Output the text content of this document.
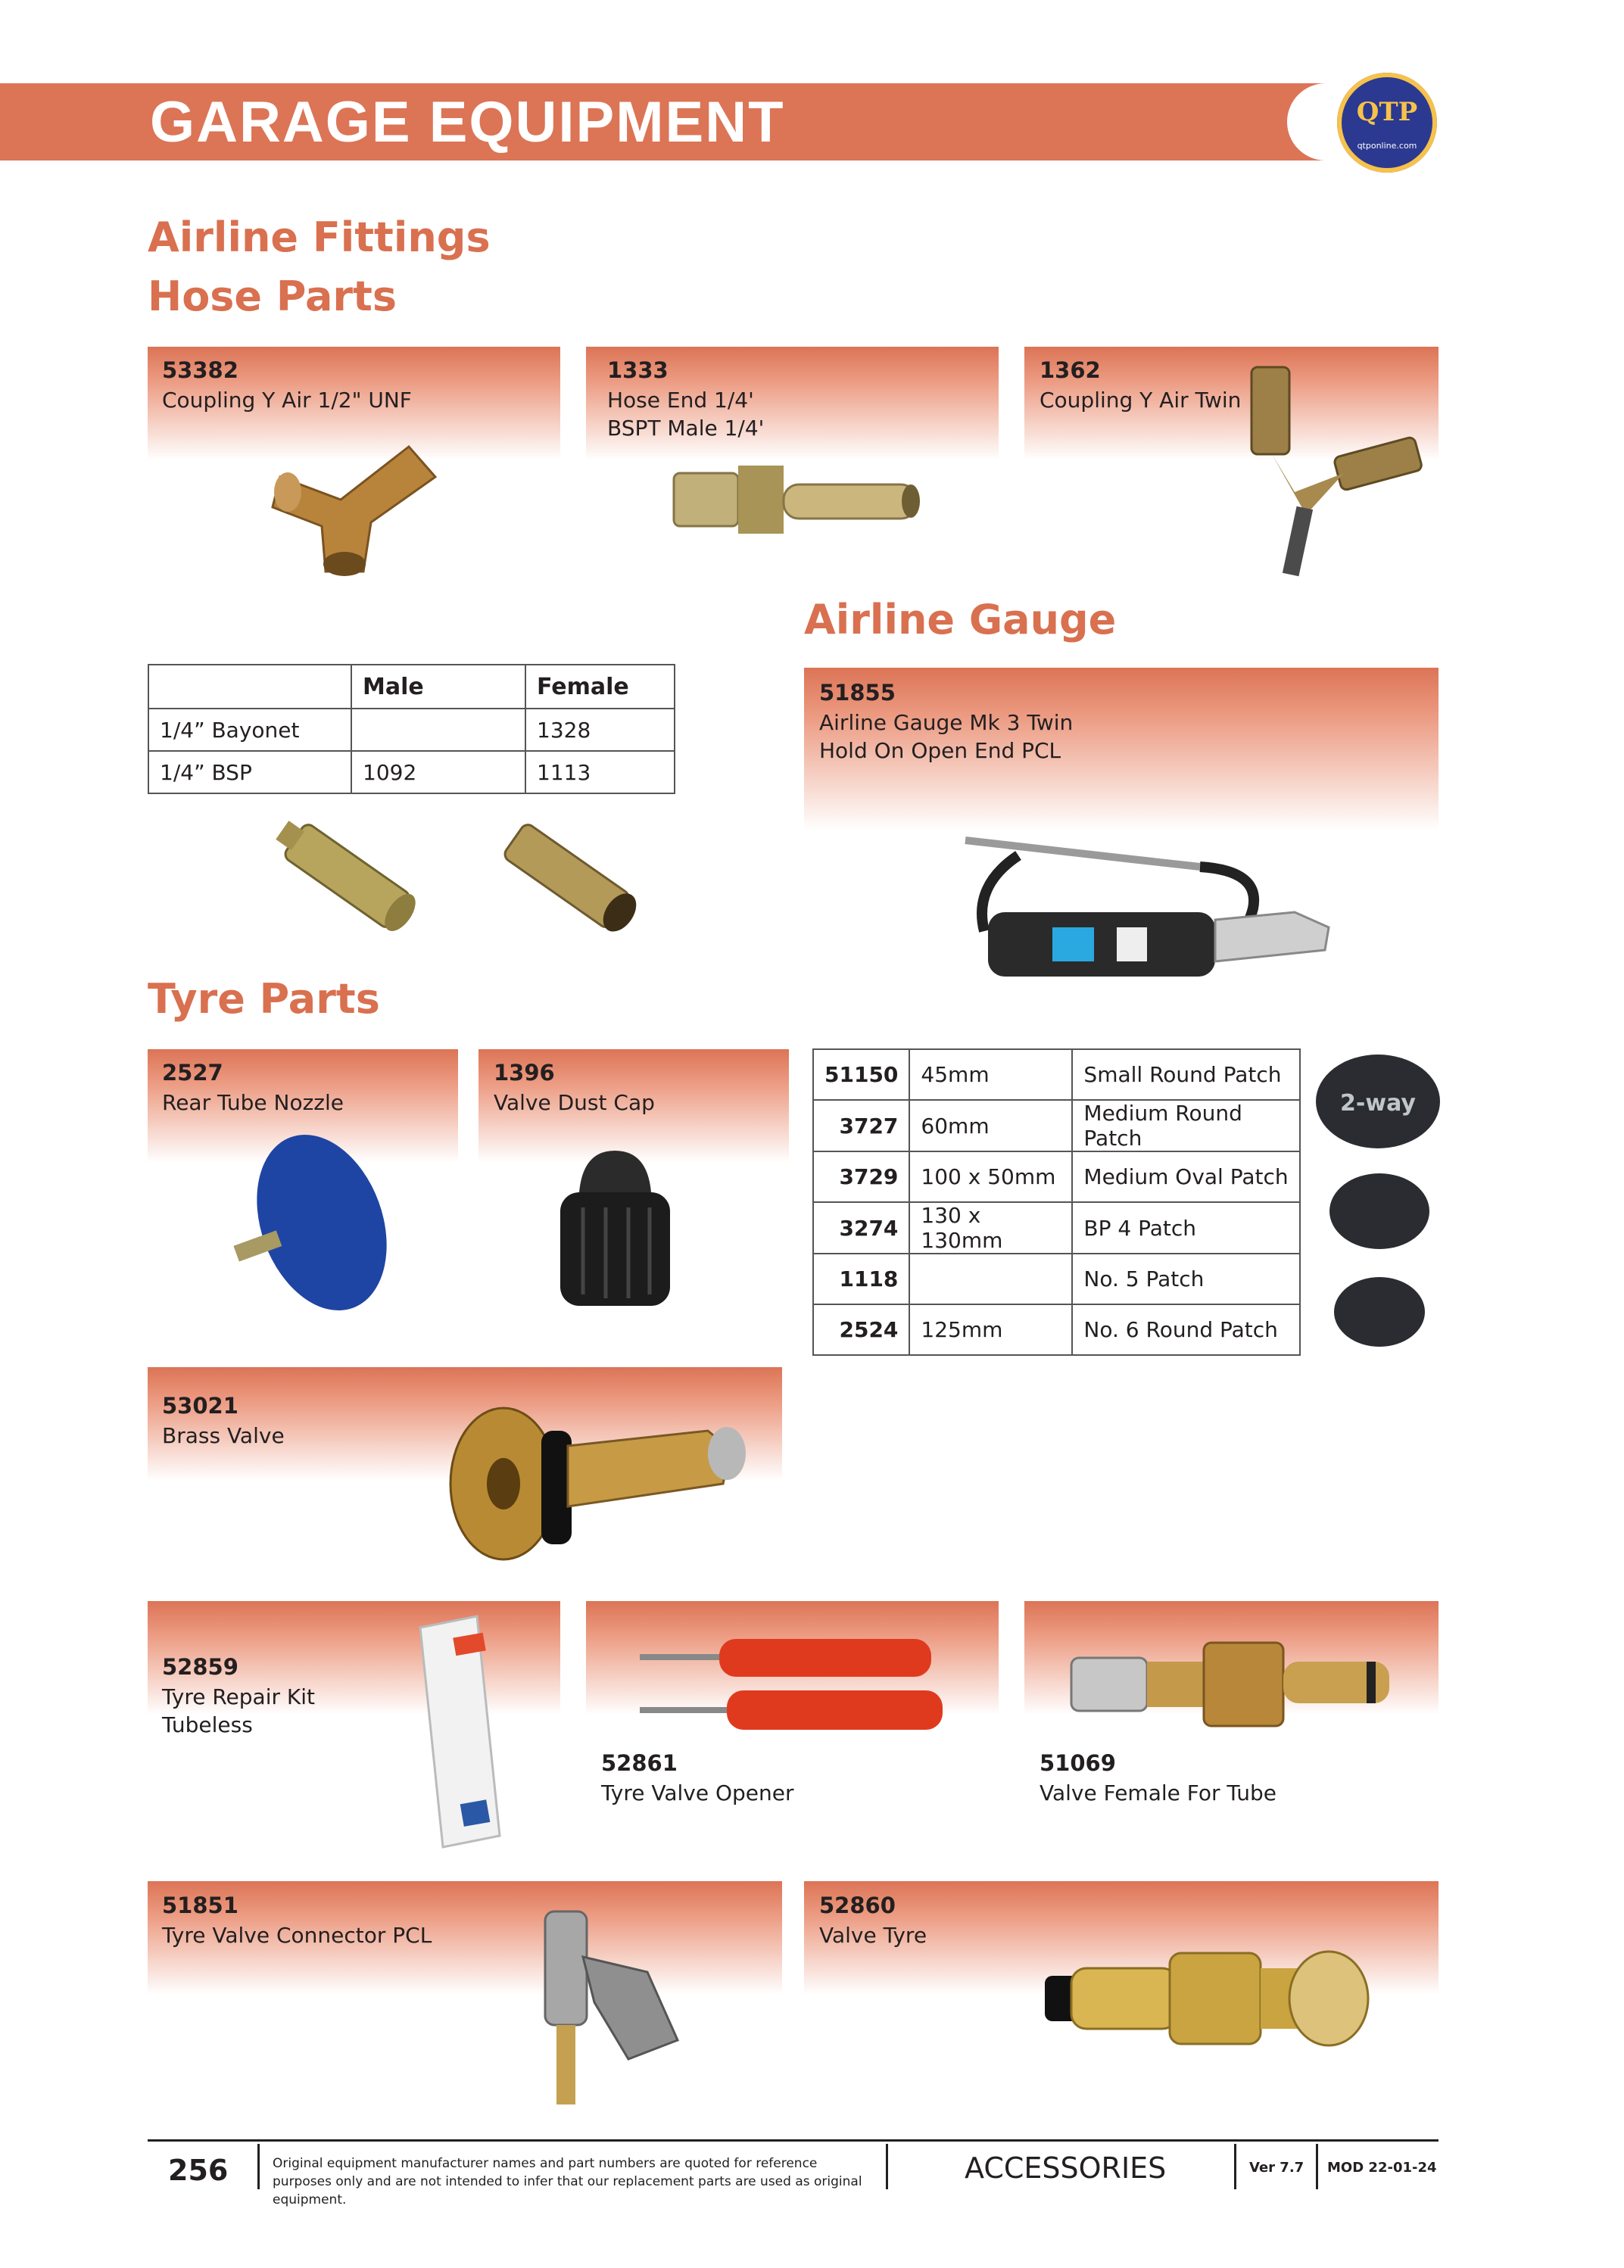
GARAGE EQUIPMENT	QTP
qtponline.com
Airline Fittings
Hose Parts
Airline Gauge
Tyre Parts
53382
Coupling Y Air 1/2" UNF
1333
Hose End 1/4'
BSPT Male 1/4'
1362
Coupling Y Air Twin
	Male	Female
1/4” Bayonet		1328
1/4” BSP	1092	1113
51855
Airline Gauge Mk 3 Twin
Hold On Open End PCL
2527
Rear Tube Nozzle
1396
Valve Dust Cap
51150	45mm	Small Round Patch
3727	60mm	Medium Round Patch
3729	100 x 50mm	Medium Oval Patch
3274	130 x 130mm	BP 4 Patch
1118		No. 5 Patch
2524	125mm	No. 6 Round Patch
2-way
53021
Brass Valve
52859
Tyre Repair Kit
Tubeless
52861
Tyre Valve Opener
51069
Valve Female For Tube
51851
Tyre Valve Connector PCL
52860
Valve Tyre
256	Original equipment manufacturer names and part numbers are quoted for reference purposes only and are not intended to infer that our replacement parts are used as original equipment.
ACCESSORIES	Ver 7.7 MOD 22-01-24
